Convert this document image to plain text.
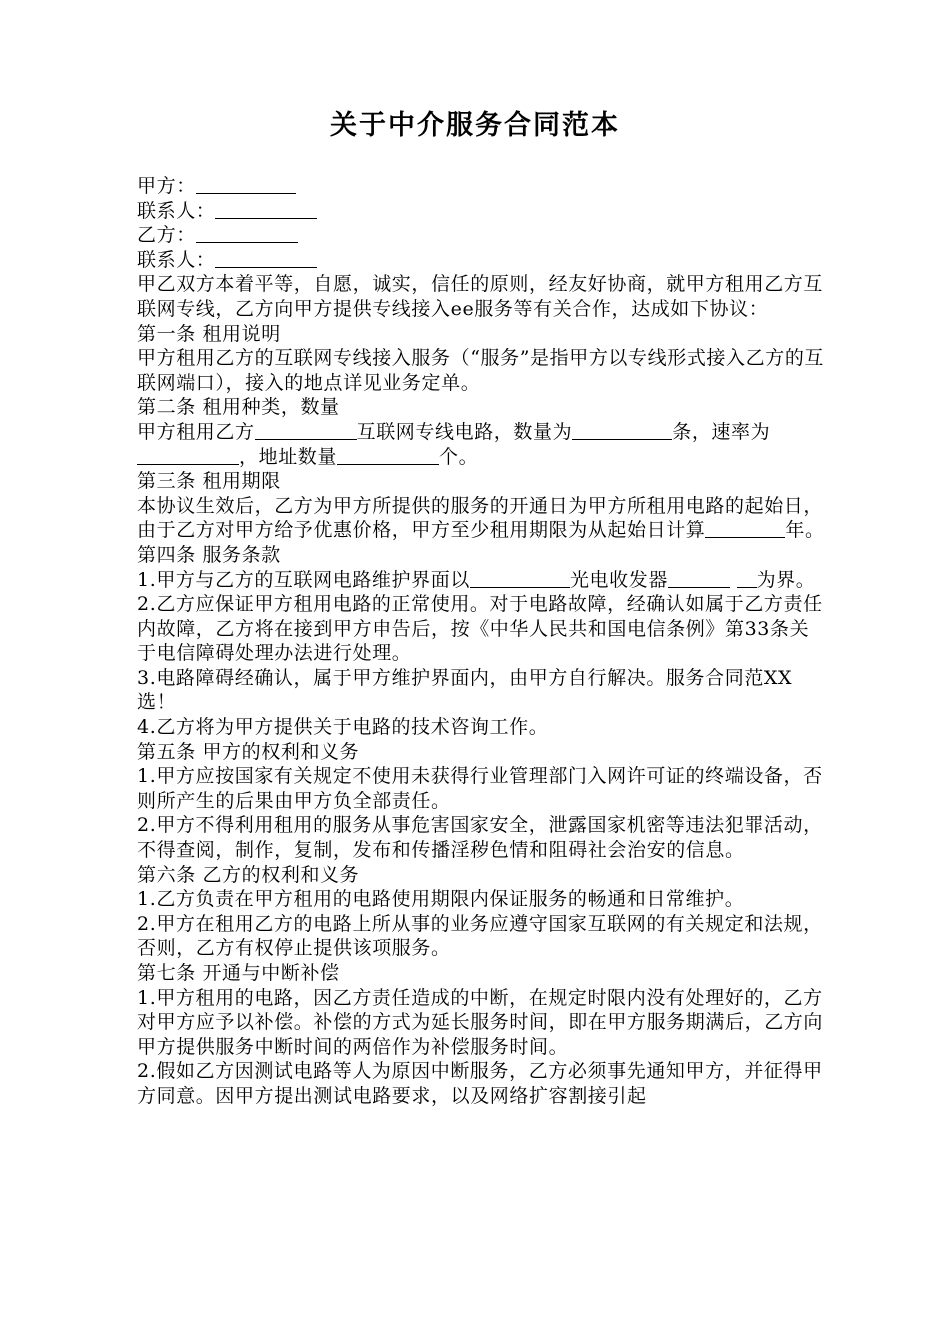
关于中介服务合同范本

甲方：

联系人：

乙方：

联系人：

甲乙双方本着平等，自愿，诚实，信任的原则，经友好协商，就甲方租用乙方互联网专线，乙方向甲方提供专线接入ee服务等有关合作，达成如下协议：

第一条 租用说明

甲方租用乙方的互联网专线接入服务（“服务”是指甲方以专线形式接入乙方的互联网端口），接入的地点详见业务定单。

第二条 租用种类，数量

甲方租用乙方	互联网专线电路，数量为	条，速率为，地址数量	个。

第三条 租用期限

本协议生效后，乙方为甲方所提供的服务的开通日为甲方所租用电路的起始日，由于乙方对甲方给予优惠价格，甲方至少租用期限为从起始日计算	年。

第四条 服务条款

1.甲方与乙方的互联网电路维护界面以	光电收发器	为界。

2.乙方应保证甲方租用电路的正常使用。对于电路故障，经确认如属于乙方责任内故障，乙方将在接到甲方申告后，按《中华人民共和国电信条例》第33条关于电信障碍处理办法进行处理。

3.电路障碍经确认，属于甲方维护界面内，由甲方自行解决。服务合同范XX选！

4.乙方将为甲方提供关于电路的技术咨询工作。

第五条 甲方的权利和义务

1.甲方应按国家有关规定不使用未获得行业管理部门入网许可证的终端设备，否则所产生的后果由甲方负全部责任。

2.甲方不得利用租用的服务从事危害国家安全，泄露国家机密等违法犯罪活动，不得查阅，制作，复制，发布和传播淫秽色情和阻碍社会治安的信息。

第六条 乙方的权利和义务

1.乙方负责在甲方租用的电路使用期限内保证服务的畅通和日常维护。

2.甲方在租用乙方的电路上所从事的业务应遵守国家互联网的有关规定和法规，否则，乙方有权停止提供该项服务。

第七条 开通与中断补偿

1.甲方租用的电路，因乙方责任造成的中断，在规定时限内没有处理好的，乙方对甲方应予以补偿。补偿的方式为延长服务时间，即在甲方服务期满后，乙方向甲方提供服务中断时间的两倍作为补偿服务时间。

2.假如乙方因测试电路等人为原因中断服务，乙方必须事先通知甲方，并征得甲方同意。因甲方提出测试电路要求，以及网络扩容割接引起
